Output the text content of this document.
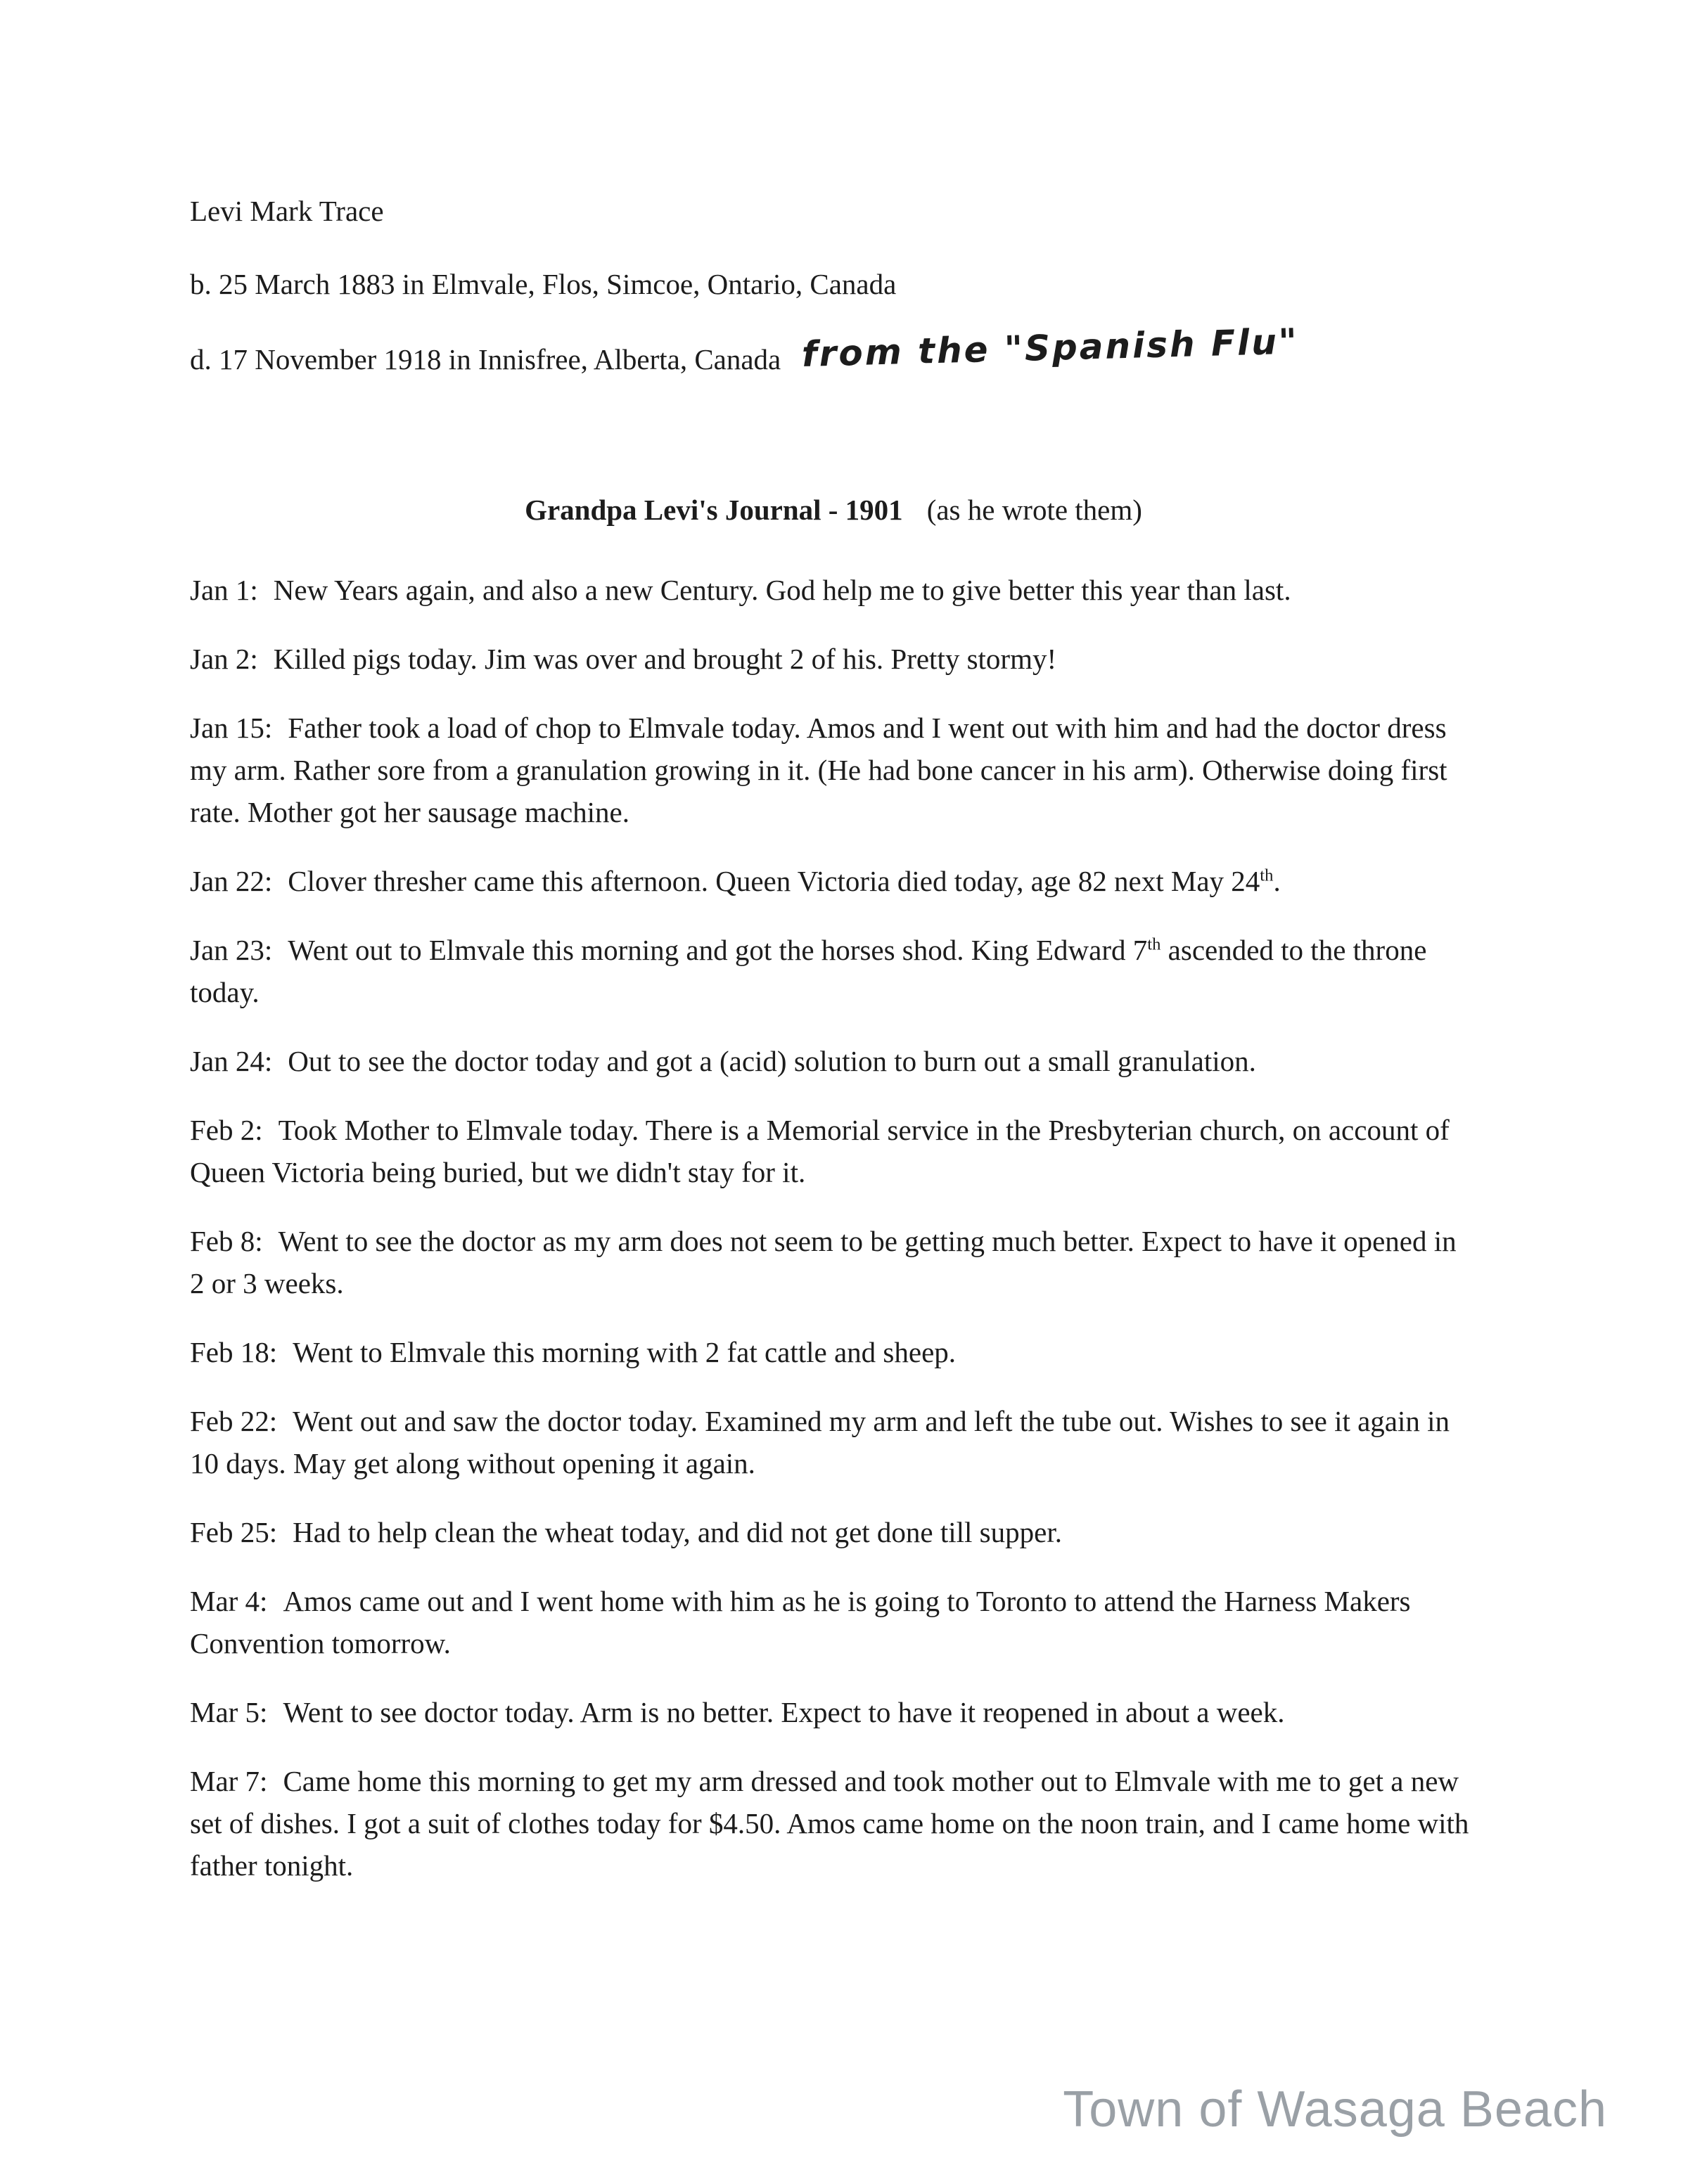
Levi Mark Trace

b. 25 March 1883 in Elmvale, Flos, Simcoe, Ontario, Canada

d. 17 November 1918 in Innisfree, Alberta, Canada from the "Spanish Flu"

Grandpa Levi's Journal - 1901 (as he wrote them)

Jan 1: New Years again, and also a new Century. God help me to give better this year than last.

Jan 2: Killed pigs today. Jim was over and brought 2 of his. Pretty stormy!

Jan 15: Father took a load of chop to Elmvale today. Amos and I went out with him and had the doctor dress my arm. Rather sore from a granulation growing in it. (He had bone cancer in his arm). Otherwise doing first rate. Mother got her sausage machine.

Jan 22: Clover thresher came this afternoon. Queen Victoria died today, age 82 next May 24th.

Jan 23: Went out to Elmvale this morning and got the horses shod. King Edward 7th ascended to the throne today.

Jan 24: Out to see the doctor today and got a (acid) solution to burn out a small granulation.

Feb 2: Took Mother to Elmvale today. There is a Memorial service in the Presbyterian church, on account of Queen Victoria being buried, but we didn't stay for it.

Feb 8: Went to see the doctor as my arm does not seem to be getting much better. Expect to have it opened in 2 or 3 weeks.

Feb 18: Went to Elmvale this morning with 2 fat cattle and sheep.

Feb 22: Went out and saw the doctor today. Examined my arm and left the tube out. Wishes to see it again in 10 days. May get along without opening it again.

Feb 25: Had to help clean the wheat today, and did not get done till supper.

Mar 4: Amos came out and I went home with him as he is going to Toronto to attend the Harness Makers Convention tomorrow.

Mar 5: Went to see doctor today. Arm is no better. Expect to have it reopened in about a week.

Mar 7: Came home this morning to get my arm dressed and took mother out to Elmvale with me to get a new set of dishes. I got a suit of clothes today for $4.50. Amos came home on the noon train, and I came home with father tonight.

Town of Wasaga Beach
